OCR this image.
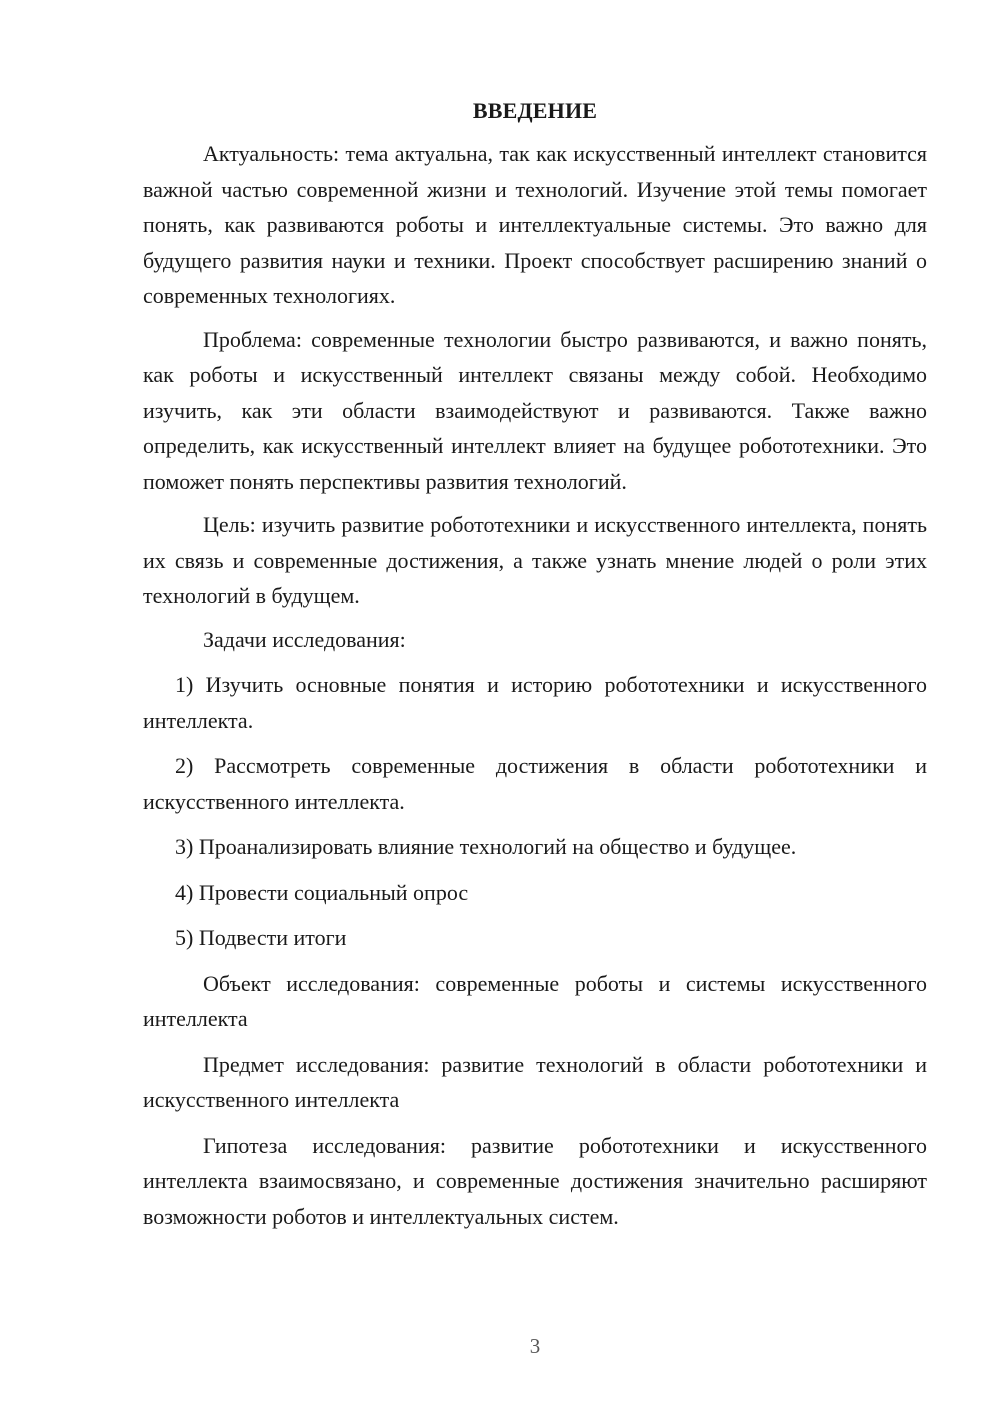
ВВЕДЕНИЕ

Актуальность: тема актуальна, так как искусственный интеллект становится важной частью современной жизни и технологий. Изучение этой темы помогает понять, как развиваются роботы и интеллектуальные системы. Это важно для будущего развития науки и техники. Проект способствует расширению знаний о современных технологиях.

Проблема: современные технологии быстро развиваются, и важно понять, как роботы и искусственный интеллект связаны между собой. Необходимо изучить, как эти области взаимодействуют и развиваются. Также важно определить, как искусственный интеллект влияет на будущее робототехники. Это поможет понять перспективы развития технологий.

Цель: изучить развитие робототехники и искусственного интеллекта, понять их связь и современные достижения, а также узнать мнение людей о роли этих технологий в будущем.

Задачи исследования:

1) Изучить основные понятия и историю робототехники и искусственного интеллекта.

2) Рассмотреть современные достижения в области робототехники и искусственного интеллекта.

3) Проанализировать влияние технологий на общество и будущее.

4) Провести социальный опрос

5) Подвести итоги

Объект исследования: современные роботы и системы искусственного интеллекта

Предмет исследования: развитие технологий в области робототехники и искусственного интеллекта

Гипотеза исследования: развитие робототехники и искусственного интеллекта взаимосвязано, и современные достижения значительно расширяют возможности роботов и интеллектуальных систем.

3
